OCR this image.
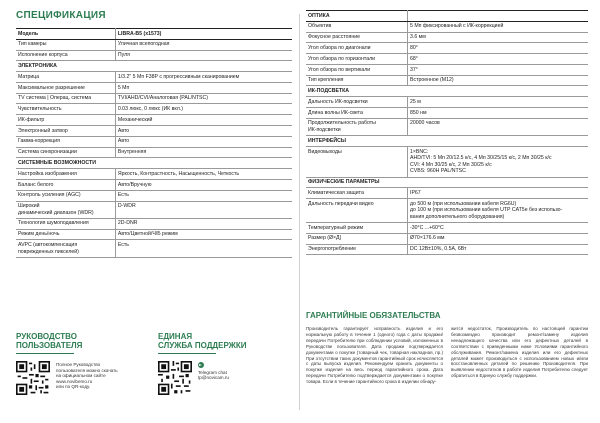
СПЕЦИФИКАЦИЯ
Модель	LIBRA-B5 (x1573)
Тип камеры	Уличная всепогодная
Исполнение корпуса	Пуля
ЭЛЕКТРОНИКА	
Матрица	1/3.2" 5 Мп F38P с прогрессивным сканированием
Максимальное разрешение	5 Мп
TV система | Операц. система	TVI/AHD/CVI/Аналоговая (PAL/NTSC)
Чувствительность	0.03 люкс, 0 люкс (ИК вкл.)
ИК-фильтр	Механический
Электронный затвор	Авто
Гамма-коррекция	Авто
Система синхронизации	Внутренняя
СИСТЕМНЫЕ ВОЗМОЖНОСТИ	
Настройка изображения	Яркость, Контрастность, Насыщенность, Четкость
Баланс белого	Авто/Вручную
Контроль усиления (AGC)	Есть

Широкий
динамический диапазон (WDR)	D-WDR
Технология шумоподавления	2D-DNR
Режим день/ночь	Авто/Цветной/Ч/Б режим

AVPC (автокомпенсация
поврежденных пикселей)	Есть
ОПТИКА	
Объектив	5 Мп фиксированный с ИК-коррекцией
Фокусное расстояние	3.6 мм
Угол обзора по диагонали	80°
Угол обзора по горизонтали	68°
Угол обзора по вертикали	37°
Тип крепления	Встроенное (M12)
ИК-ПОДСВЕТКА	
Дальность ИК-подсветки	25 м
Длина волны ИК-света	850 нм

Продолжительность работы
ИК-подсветки	20000 часов
ИНТЕРФЕЙСЫ	
Видеовыходы	1×BNC:
AHD/TVI: 5 Мп 20/12.5 к/с, 4 Мп 30/25/15 к/с, 2 Мп 30/25 к/с
CVI: 4 Мп 30/25 к/с, 2 Мп 30/25 к/с
CVBS: 960H PAL/NTSC

ФИЗИЧЕСКИЕ ПАРАМЕТРЫ	
Климатическая защита	IP67
Дальность передачи видео	до 500 м (при использовании кабеля RG6U)
до 100 м (при использовании кабеля UTP CAT5e без использо-
вания дополнительного оборудования)

Температурный режим	-30°C ...+60°C
Размер (Ø×Д)	Ø70×176.6 мм
Энергопотребление	DC 12В±10%, 0.5А, 6Вт

РУКОВОДСТВО
ПОЛЬЗОВАТЕЛЯ

Полное Руководство
пользователя можно скачать
на официальном сайте
www.novibemo.ru
или по QR-коду.

ЕДИНАЯ
СЛУЖБА ПОДДЕРЖКИ

Telegram chat
tp@novicam.ru
ГАРАНТИЙНЫЕ ОБЯЗАТЕЛЬСТВА
Производитель гарантирует исправность изделия и его нормальную работу в течение 1 (одного) года с даты продажи/передачи Потребителю при соблюдении условий, изложенных в Руководстве пользователя. Дата продажи подтверждается документами о покупке (товарный чек, товарная накладная, пр.) При отсутствии таких документов гарантийный срок исчисляется с даты выпуска изделия. Рекомендуем хранить документы о покупке изделия на весь период гарантийного срока. Дата передачи Потребителю подтверждается документами о покупке товара. Если в течение гарантийного срока в изделии обнару-
жится недостаток, Производитель по настоящей гарантии безвозмездно производит ремонт/замену изделия ненадлежащего качества или его дефектных деталей в соответствии с приведенными ниже Условиями гарантийного обслуживания. Ремонт/замена изделия или его дефектных деталей может производиться с использованием новых и/или восстановленных деталей по решению Производителя. При выявлении недостатков в работе изделия Потребителю следует обратиться в Единую службу поддержки.
